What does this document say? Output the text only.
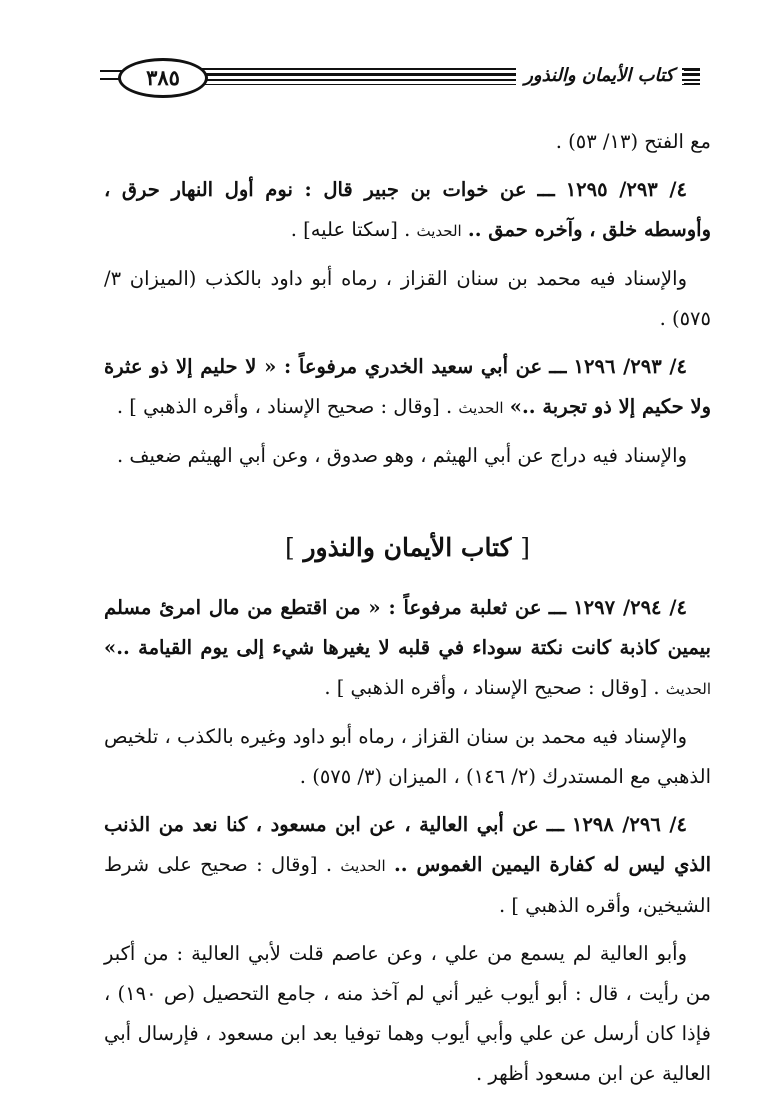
٣٨٥	كتاب الأيمان والنذور

مع الفتح (١٣/ ٥٣) .

٤/ ٢٩٣/ ١٢٩٥ ـــ عن خوات بن جبير قال : نوم أول النهار حرق ، وأوسطه خلق ، وآخره حمق .. الحديث . [سكتا عليه] .

والإسناد فيه محمد بن سنان القزاز ، رماه أبو داود بالكذب (الميزان ٣/ ٥٧٥) .

٤/ ٢٩٣/ ١٢٩٦ ـــ عن أبي سعيد الخدري مرفوعاً : « لا حليم إلا ذو عثرة ولا حكيم إلا ذو تجربة ..» الحديث . [وقال : صحيح الإسناد ، وأقره الذهبي ] .

والإسناد فيه دراج عن أبي الهيثم ، وهو صدوق ، وعن أبي الهيثم ضعيف .

[ كتاب الأيمان والنذور ]

٤/ ٢٩٤/ ١٢٩٧ ـــ عن ثعلبة مرفوعاً : « من اقتطع من مال امرئ مسلم بيمين كاذبة كانت نكتة سوداء في قلبه لا يغيرها شيء إلى يوم القيامة ..» الحديث . [وقال : صحيح الإسناد ، وأقره الذهبي ] .

والإسناد فيه محمد بن سنان القزاز ، رماه أبو داود وغيره بالكذب ، تلخيص الذهبي مع المستدرك (٢/ ١٤٦) ، الميزان (٣/ ٥٧٥) .

٤/ ٢٩٦/ ١٢٩٨ ـــ عن أبي العالية ، عن ابن مسعود ، كنا نعد من الذنب الذي ليس له كفارة اليمين الغموس .. الحديث . [وقال : صحيح على شرط الشيخين، وأقره الذهبي ] .

وأبو العالية لم يسمع من علي ، وعن عاصم قلت لأبي العالية : من أكبر من رأيت ، قال : أبو أيوب غير أني لم آخذ منه ، جامع التحصيل (ص ١٩٠) ، فإذا كان أرسل عن علي وأبي أيوب وهما توفيا بعد ابن مسعود ، فإرسال أبي العالية عن ابن مسعود أظهر .
